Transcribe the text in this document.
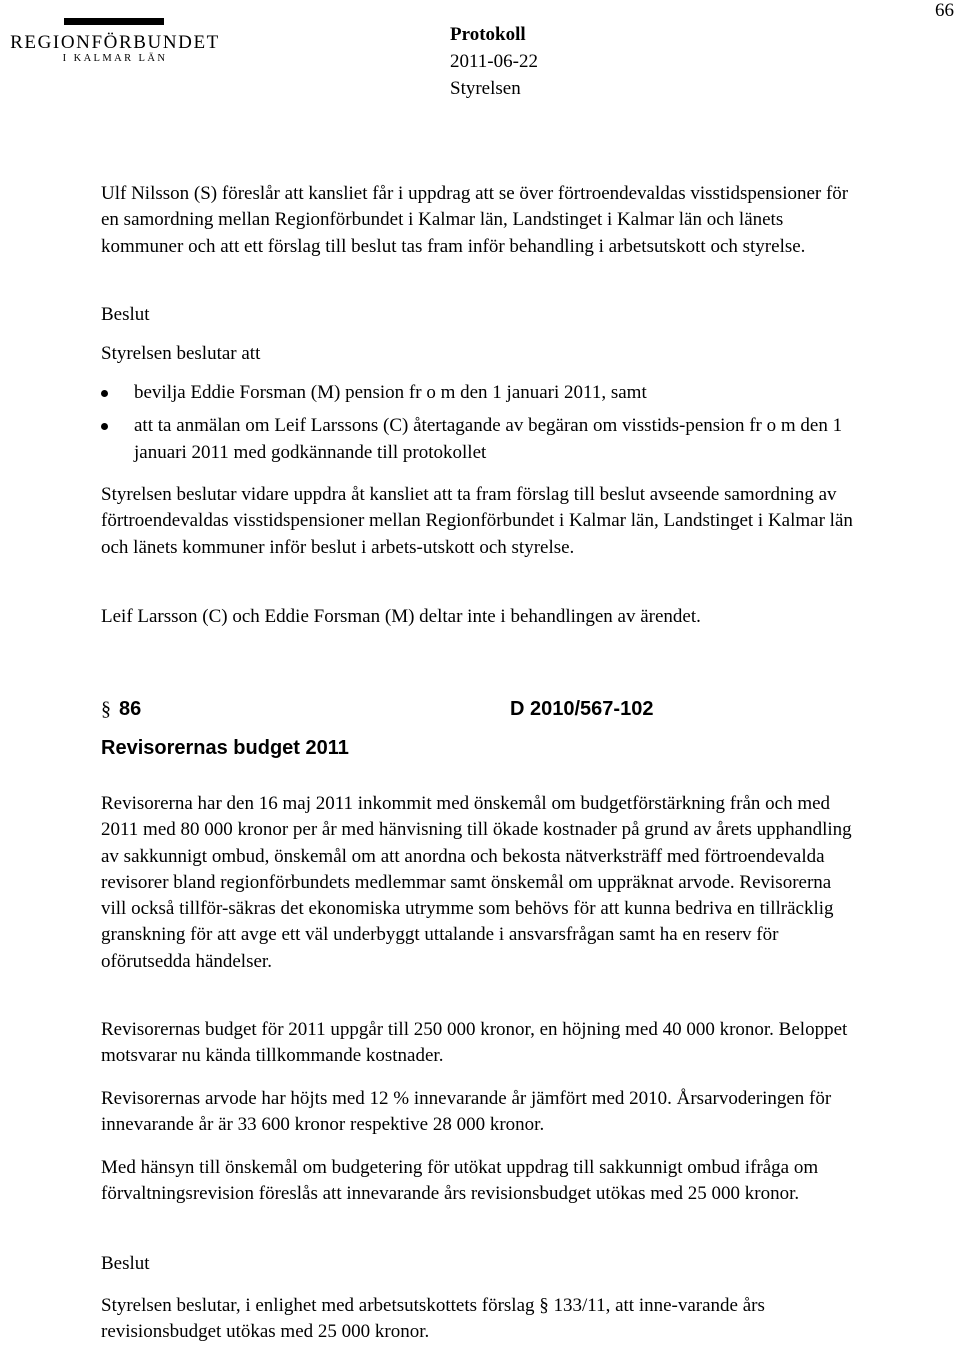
66
REGIONFÖRBUNDET
I KALMAR LÄN
Protokoll
2011-06-22
Styrelsen

Ulf Nilsson (S) föreslår att kansliet får i uppdrag att se över förtroendevaldas visstidspensioner för en samordning mellan Regionförbundet i Kalmar län, Landstinget i Kalmar län och länets kommuner och att ett förslag till beslut tas fram inför behandling i arbetsutskott och styrelse.

Beslut

Styrelsen beslutar att

bevilja Eddie Forsman (M) pension fr o m den 1 januari 2011, samt
att ta anmälan om Leif Larssons (C) återtagande av begäran om visstids-pension fr o m den 1 januari 2011 med godkännande till protokollet

Styrelsen beslutar vidare uppdra åt kansliet att ta fram förslag till beslut avseende samordning av förtroendevaldas visstidspensioner mellan Regionförbundet i Kalmar län, Landstinget i Kalmar län och länets kommuner inför beslut i arbets-utskott och styrelse.

Leif Larsson (C) och Eddie Forsman (M) deltar inte i behandlingen av ärendet.

§ 86	D 2010/567-102
Revisorernas budget 2011

Revisorerna har den 16 maj 2011 inkommit med önskemål om budgetförstärkning från och med 2011 med 80 000 kronor per år med hänvisning till ökade kostnader på grund av årets upphandling av sakkunnigt ombud, önskemål om att anordna och bekosta nätverksträff med förtroendevalda revisorer bland regionförbundets medlemmar samt önskemål om uppräknat arvode. Revisorerna vill också tillför-säkras det ekonomiska utrymme som behövs för att kunna bedriva en tillräcklig granskning för att avge ett väl underbyggt uttalande i ansvarsfrågan samt ha en reserv för oförutsedda händelser.

Revisorernas budget för 2011 uppgår till 250 000 kronor, en höjning med 40 000 kronor. Beloppet motsvarar nu kända tillkommande kostnader.

Revisorernas arvode har höjts med 12 % innevarande år jämfört med 2010. Årsarvoderingen för innevarande år är 33 600 kronor respektive 28 000 kronor.

Med hänsyn till önskemål om budgetering för utökat uppdrag till sakkunnigt ombud ifråga om förvaltningsrevision föreslås att innevarande års revisionsbudget utökas med 25 000 kronor.

Beslut

Styrelsen beslutar, i enlighet med arbetsutskottets förslag § 133/11, att inne-varande års revisionsbudget utökas med 25 000 kronor.
